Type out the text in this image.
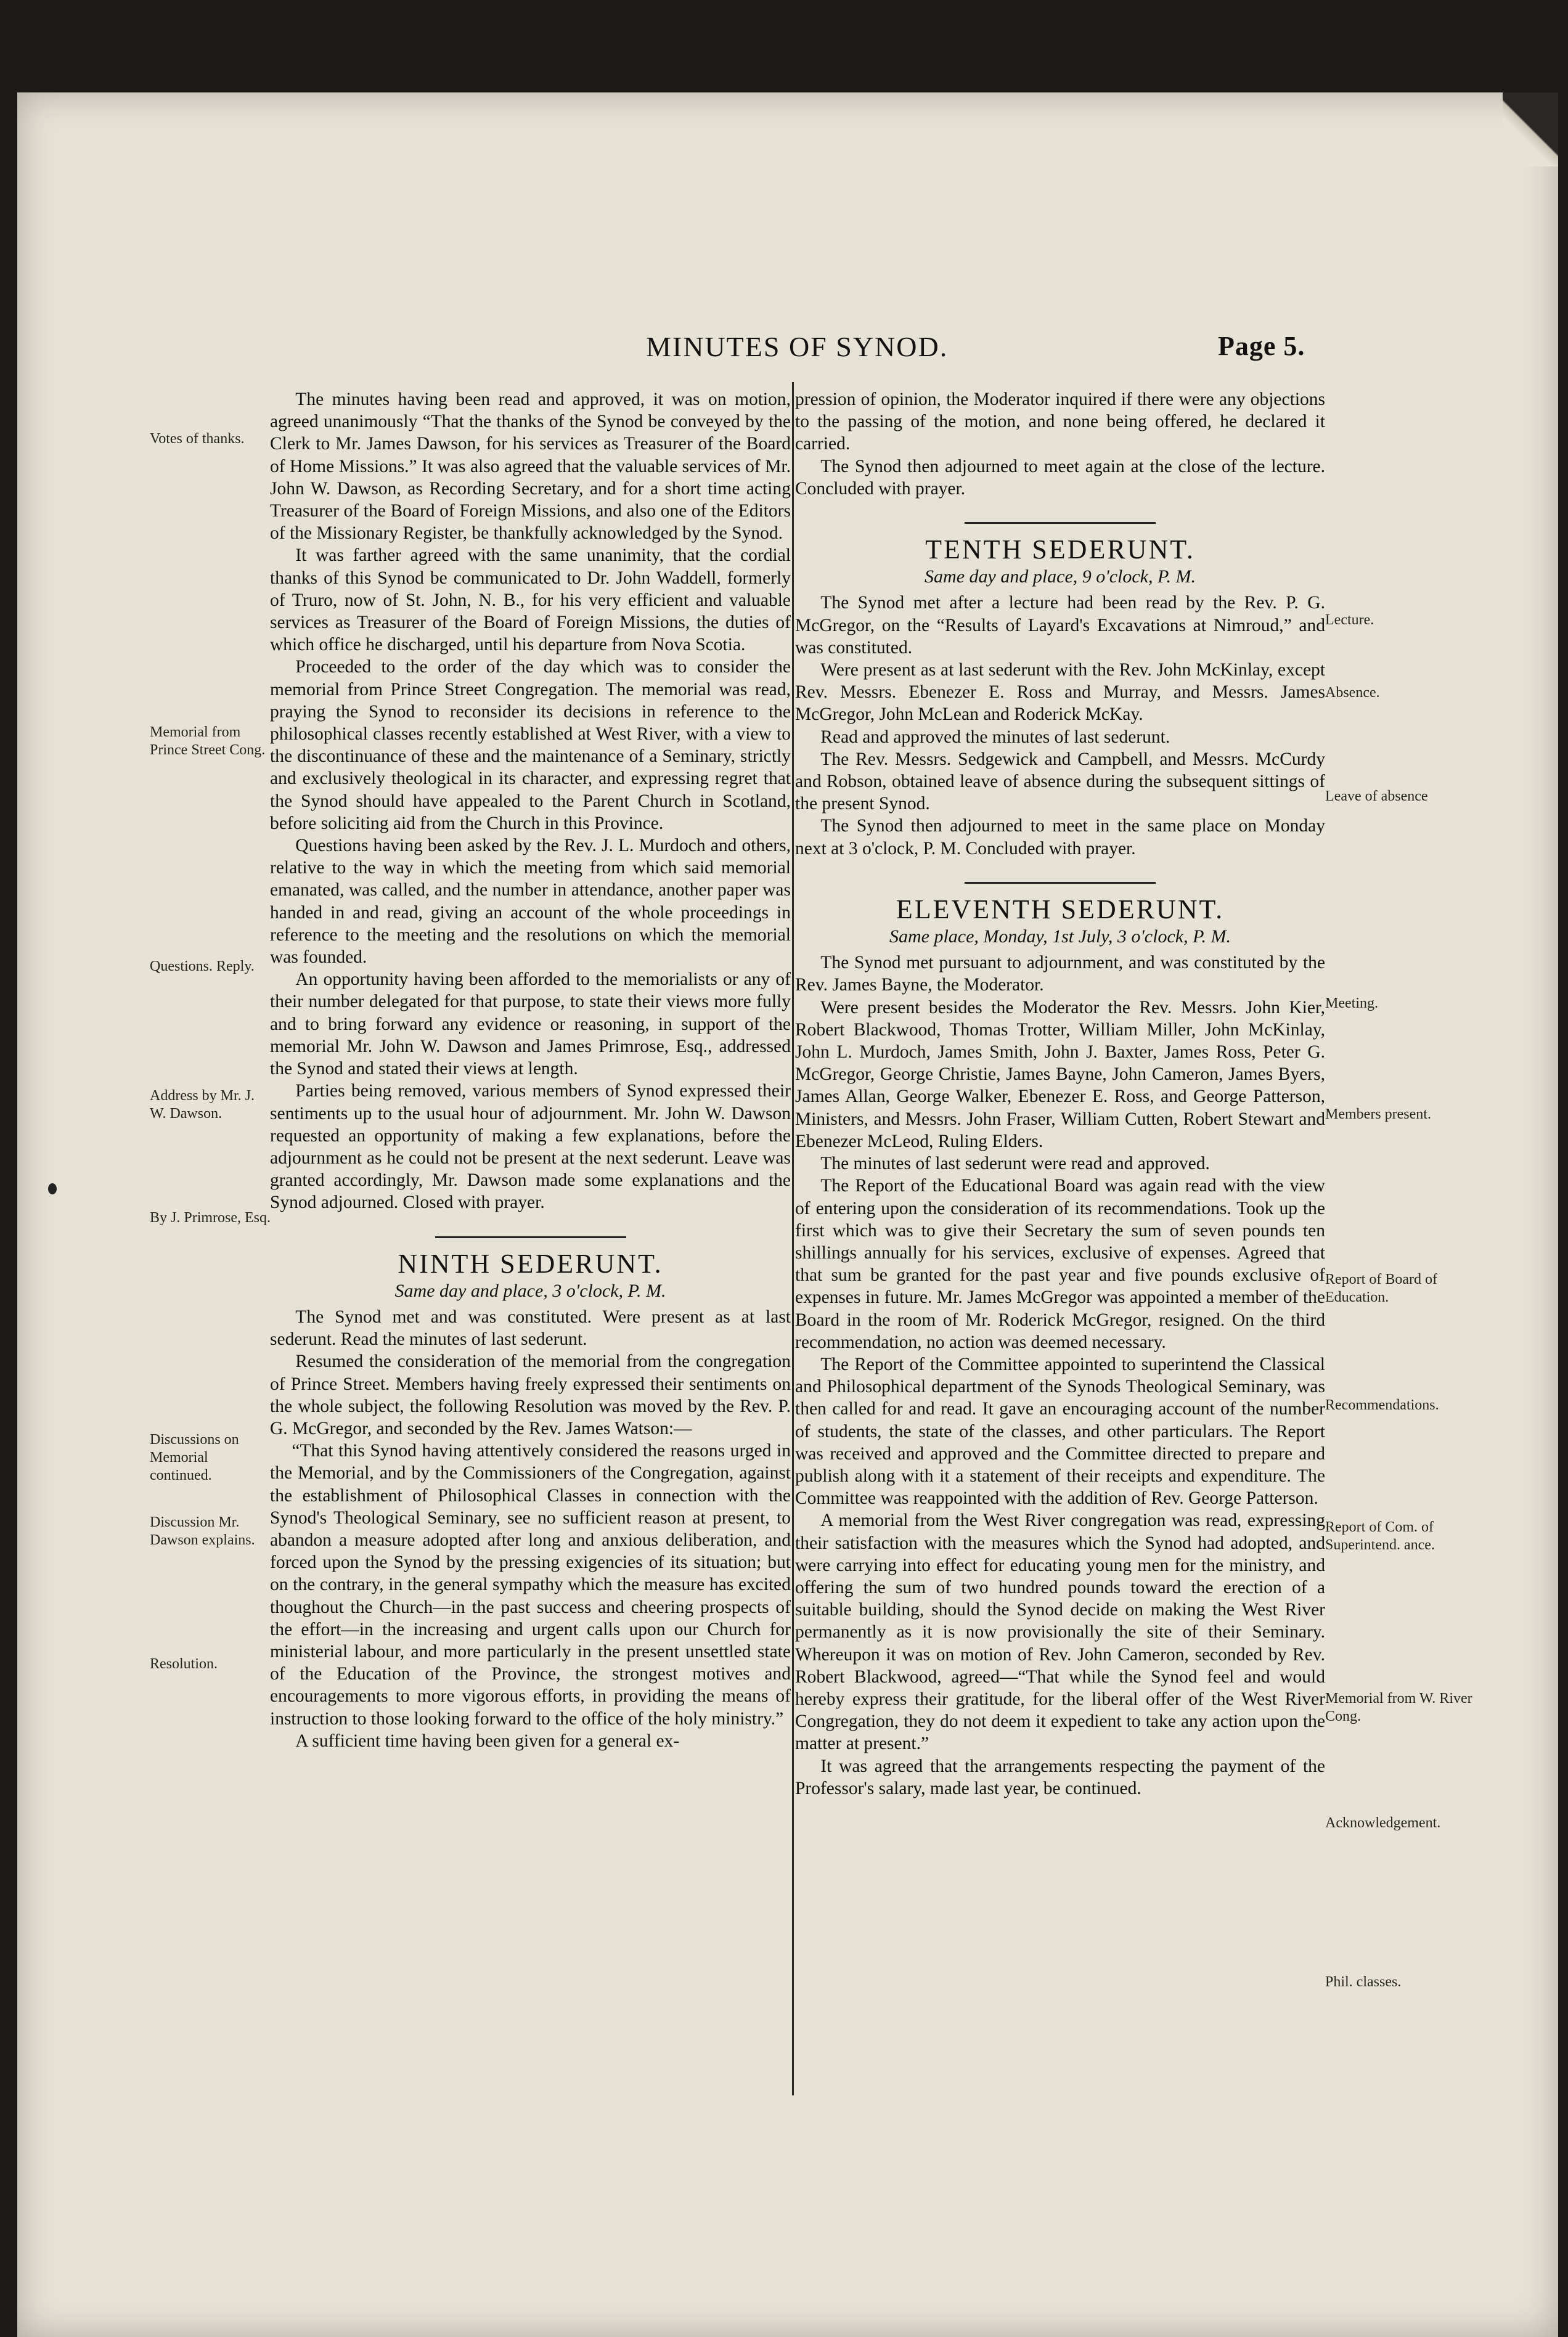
MINUTES OF SYNOD.	Page 5.
Votes of thanks.
Memorial from Prince Street Cong.
Questions. Reply.
Address by Mr. J. W. Dawson.
By J. Primrose, Esq.
Discussions on Memorial continued.
Discussion Mr. Dawson explains.
Resolution.
Lecture.
Absence.
Leave of absence
Meeting.
Members present.
Report of Board of Education.
Recommendations.
Report of Com. of Superintend. ance.
Memorial from W. River Cong.
Acknowledgement.
Phil. classes.

The minutes having been read and approved, it was on motion, agreed unanimously “That the thanks of the Synod be conveyed by the Clerk to Mr. James Dawson, for his services as Treasurer of the Board of Home Missions.” It was also agreed that the valuable services of Mr. John W. Dawson, as Recording Secretary, and for a short time acting Treasurer of the Board of Foreign Missions, and also one of the Editors of the Missionary Register, be thankfully acknowledged by the Synod.

It was farther agreed with the same unanimity, that the cordial thanks of this Synod be communicated to Dr. John Waddell, formerly of Truro, now of St. John, N. B., for his very efficient and valuable services as Treasurer of the Board of Foreign Missions, the duties of which office he discharged, until his departure from Nova Scotia.

Proceeded to the order of the day which was to consider the memorial from Prince Street Congregation. The memorial was read, praying the Synod to reconsider its decisions in reference to the philosophical classes recently established at West River, with a view to the discontinuance of these and the maintenance of a Seminary, strictly and exclusively theological in its character, and expressing regret that the Synod should have appealed to the Parent Church in Scotland, before soliciting aid from the Church in this Province.

Questions having been asked by the Rev. J. L. Murdoch and others, relative to the way in which the meeting from which said memorial emanated, was called, and the number in attendance, another paper was handed in and read, giving an account of the whole proceedings in reference to the meeting and the resolutions on which the memorial was founded.

An opportunity having been afforded to the memorialists or any of their number delegated for that purpose, to state their views more fully and to bring forward any evidence or reasoning, in support of the memorial Mr. John W. Dawson and James Primrose, Esq., addressed the Synod and stated their views at length.

Parties being removed, various members of Synod expressed their sentiments up to the usual hour of adjournment. Mr. John W. Dawson requested an opportunity of making a few explanations, before the adjournment as he could not be present at the next sederunt. Leave was granted accordingly, Mr. Dawson made some explanations and the Synod adjourned. Closed with prayer.

NINTH SEDERUNT.
Same day and place, 3 o'clock, P. M.

The Synod met and was constituted. Were present as at last sederunt. Read the minutes of last sederunt.

Resumed the consideration of the memorial from the congregation of Prince Street. Members having freely expressed their sentiments on the whole subject, the following Resolution was moved by the Rev. P. G. McGregor, and seconded by the Rev. James Watson:—

“That this Synod having attentively considered the reasons urged in the Memorial, and by the Commissioners of the Congregation, against the establishment of Philosophical Classes in connection with the Synod's Theological Seminary, see no sufficient reason at present, to abandon a measure adopted after long and anxious deliberation, and forced upon the Synod by the pressing exigencies of its situation; but on the contrary, in the general sympathy which the measure has excited thoughout the Church—in the past success and cheering prospects of the effort—in the increasing and urgent calls upon our Church for ministerial labour, and more particularly in the present unsettled state of the Education of the Province, the strongest motives and encouragements to more vigorous efforts, in providing the means of instruction to those looking forward to the office of the holy ministry.”

A sufficient time having been given for a general ex-

pression of opinion, the Moderator inquired if there were any objections to the passing of the motion, and none being offered, he declared it carried.

The Synod then adjourned to meet again at the close of the lecture. Concluded with prayer.

TENTH SEDERUNT.
Same day and place, 9 o'clock, P. M.

The Synod met after a lecture had been read by the Rev. P. G. McGregor, on the “Results of Layard's Excavations at Nimroud,” and was constituted.

Were present as at last sederunt with the Rev. John McKinlay, except Rev. Messrs. Ebenezer E. Ross and Murray, and Messrs. James McGregor, John McLean and Roderick McKay.

Read and approved the minutes of last sederunt.

The Rev. Messrs. Sedgewick and Campbell, and Messrs. McCurdy and Robson, obtained leave of absence during the subsequent sittings of the present Synod.

The Synod then adjourned to meet in the same place on Monday next at 3 o'clock, P. M. Concluded with prayer.

ELEVENTH SEDERUNT.
Same place, Monday, 1st July, 3 o'clock, P. M.

The Synod met pursuant to adjournment, and was constituted by the Rev. James Bayne, the Moderator.

Were present besides the Moderator the Rev. Messrs. John Kier, Robert Blackwood, Thomas Trotter, William Miller, John McKinlay, John L. Murdoch, James Smith, John J. Baxter, James Ross, Peter G. McGregor, George Christie, James Bayne, John Cameron, James Byers, James Allan, George Walker, Ebenezer E. Ross, and George Patterson, Ministers, and Messrs. John Fraser, William Cutten, Robert Stewart and Ebenezer McLeod, Ruling Elders.

The minutes of last sederunt were read and approved.

The Report of the Educational Board was again read with the view of entering upon the consideration of its recommendations. Took up the first which was to give their Secretary the sum of seven pounds ten shillings annually for his services, exclusive of expenses. Agreed that that sum be granted for the past year and five pounds exclusive of expenses in future. Mr. James McGregor was appointed a member of the Board in the room of Mr. Roderick McGregor, resigned. On the third recommendation, no action was deemed necessary.

The Report of the Committee appointed to superintend the Classical and Philosophical department of the Synods Theological Seminary, was then called for and read. It gave an encouraging account of the number of students, the state of the classes, and other particulars. The Report was received and approved and the Committee directed to prepare and publish along with it a statement of their receipts and expenditure. The Committee was reappointed with the addition of Rev. George Patterson.

A memorial from the West River congregation was read, expressing their satisfaction with the measures which the Synod had adopted, and were carrying into effect for educating young men for the ministry, and offering the sum of two hundred pounds toward the erection of a suitable building, should the Synod decide on making the West River permanently as it is now provisionally the site of their Seminary. Whereupon it was on motion of Rev. John Cameron, seconded by Rev. Robert Blackwood, agreed—“That while the Synod feel and would hereby express their gratitude, for the liberal offer of the West River Congregation, they do not deem it expedient to take any action upon the matter at present.”

It was agreed that the arrangements respecting the payment of the Professor's salary, made last year, be continued.
